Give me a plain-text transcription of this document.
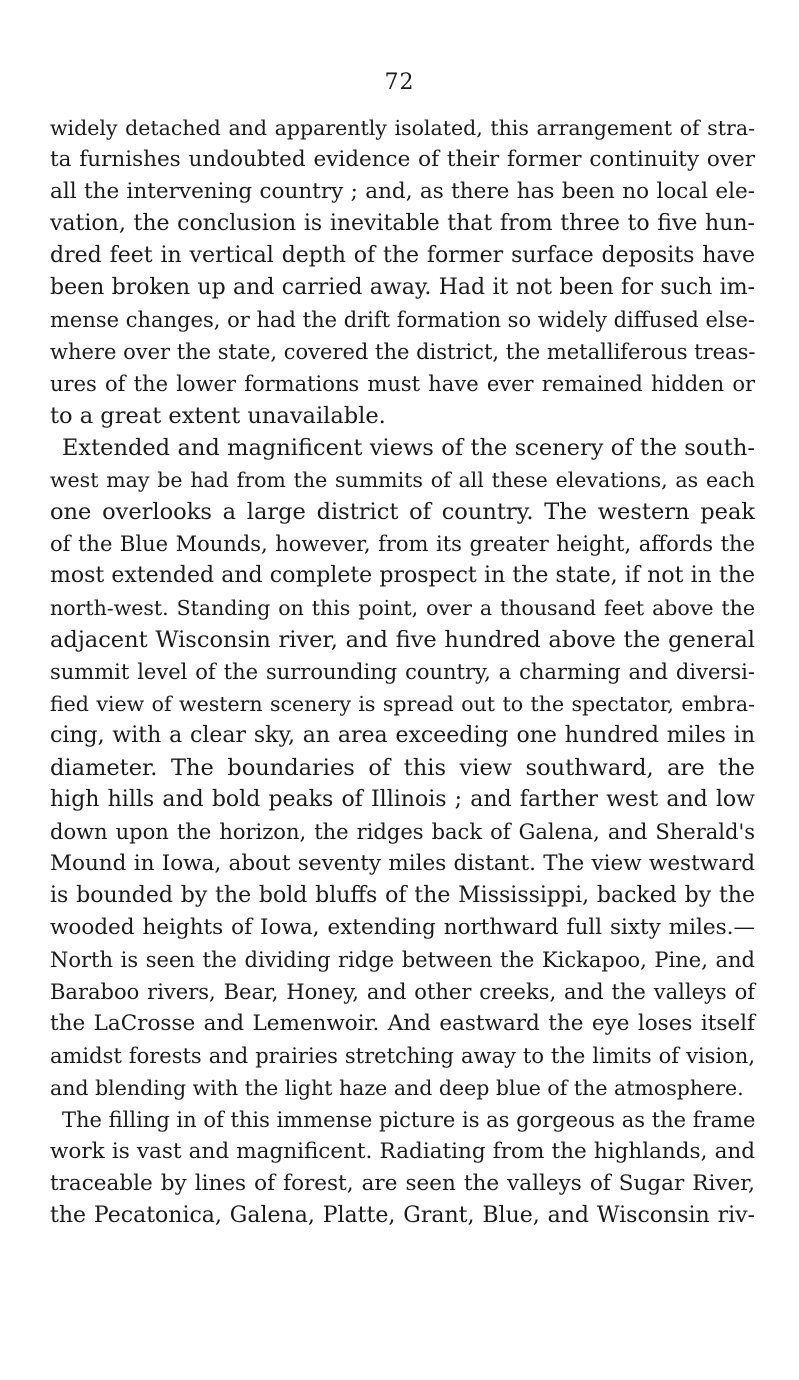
72
widely detached and apparently isolated, this arrangement of stra-
ta furnishes undoubted evidence of their former continuity over
all the intervening country ; and, as there has been no local ele-
vation, the conclusion is inevitable that from three to five hun-
dred feet in vertical depth of the former surface deposits have
been broken up and carried away. Had it not been for such im-
mense changes, or had the drift formation so widely diffused else-
where over the state, covered the district, the metalliferous treas-
ures of the lower formations must have ever remained hidden or
to a great extent unavailable.
Extended and magnificent views of the scenery of the south-
west may be had from the summits of all these elevations, as each
one overlooks a large district of country. The western peak
of the Blue Mounds, however, from its greater height, affords the
most extended and complete prospect in the state, if not in the
north-west. Standing on this point, over a thousand feet above the
adjacent Wisconsin river, and five hundred above the general
summit level of the surrounding country, a charming and diversi-
fied view of western scenery is spread out to the spectator, embra-
cing, with a clear sky, an area exceeding one hundred miles in
diameter. The boundaries of this view southward, are the
high hills and bold peaks of Illinois ; and farther west and low
down upon the horizon, the ridges back of Galena, and Sherald's
Mound in Iowa, about seventy miles distant. The view westward
is bounded by the bold bluffs of the Mississippi, backed by the
wooded heights of Iowa, extending northward full sixty miles.—
North is seen the dividing ridge between the Kickapoo, Pine, and
Baraboo rivers, Bear, Honey, and other creeks, and the valleys of
the LaCrosse and Lemenwoir. And eastward the eye loses itself
amidst forests and prairies stretching away to the limits of vision,
and blending with the light haze and deep blue of the atmosphere.
The filling in of this immense picture is as gorgeous as the frame
work is vast and magnificent. Radiating from the highlands, and
traceable by lines of forest, are seen the valleys of Sugar River,
the Pecatonica, Galena, Platte, Grant, Blue, and Wisconsin riv-
